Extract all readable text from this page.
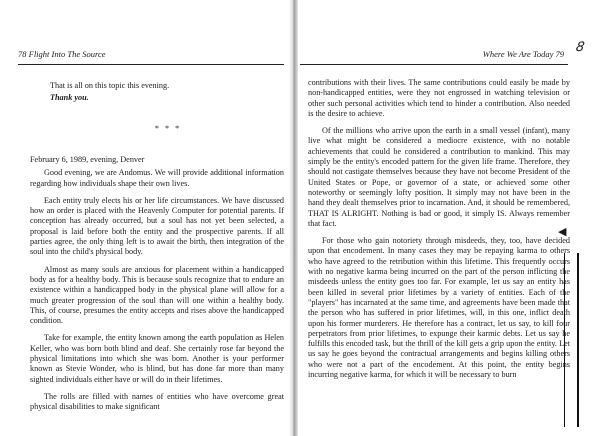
78 Flight Into The Source

That is all on this topic this evening.

Thank you.

* * *

February 6, 1989, evening, Denver

Good evening, we are Andomus. We will provide additional information regarding how individuals shape their own lives.

Each entity truly elects his or her life circumstances. We have discussed how an order is placed with the Heavenly Computer for potential parents. If conception has already occurred, but a soul has not yet been selected, a proposal is laid before both the entity and the prospective parents. If all parties agree, the only thing left is to await the birth, then integration of the soul into the child's physical body.

Almost as many souls are anxious for placement within a handicapped body as for a healthy body. This is because souls recognize that to endure an existence within a handicapped body in the physical plane will allow for a much greater progression of the soul than will one within a healthy body. This, of course, presumes the entity accepts and rises above the handicapped condition.

Take for example, the entity known among the earth population as Helen Keller, who was born both blind and deaf. She certainly rose far beyond the physical limitations into which she was born. Another is your performer known as Stevie Wonder, who is blind, but has done far more than many sighted individuals either have or will do in their lifetimes.

The rolls are filled with names of entities who have overcome great physical disabilities to make significant

Where We Are Today 79 8

contributions with their lives. The same contributions could easily be made by non-handicapped entities, were they not engrossed in watching television or other such personal activities which tend to hinder a contribution. Also needed is the desire to achieve.

Of the millions who arrive upon the earth in a small vessel (infant), many live what might be considered a mediocre existence, with no notable achievements that could be considered a contribution to mankind. This may simply be the entity's encoded pattern for the given life frame. Therefore, they should not castigate themselves because they have not become President of the United States or Pope, or governor of a state, or achieved some other noteworthy or seemingly lofty position. It simply may not have been in the hand they dealt themselves prior to incarnation. And, it should be remembered, THAT IS ALRIGHT. Nothing is bad or good, it simply IS. Always remember that fact.

For those who gain notoriety through misdeeds, they, too, have decided upon that encodement. In many cases they may be repaying karma to others who have agreed to the retribution within this lifetime. This frequently occurs with no negative karma being incurred on the part of the person inflicting the misdeeds unless the entity goes too far. For example, let us say an entity has been killed in several prior lifetimes by a variety of entities. Each of the "players" has incarnated at the same time, and agreements have been made that the person who has suffered in prior lifetimes, will, in this one, inflict death upon his former murderers. He therefore has a contract, let us say, to kill four perpetrators from prior lifetimes, to expunge their karmic debts. Let us say he fulfills this encoded task, but the thrill of the kill gets a grip upon the entity. Let us say he goes beyond the contractual arrangements and begins killing others who were not a part of the encodement. At this point, the entity begins incurring negative karma, for which it will be necessary to burn

◀
